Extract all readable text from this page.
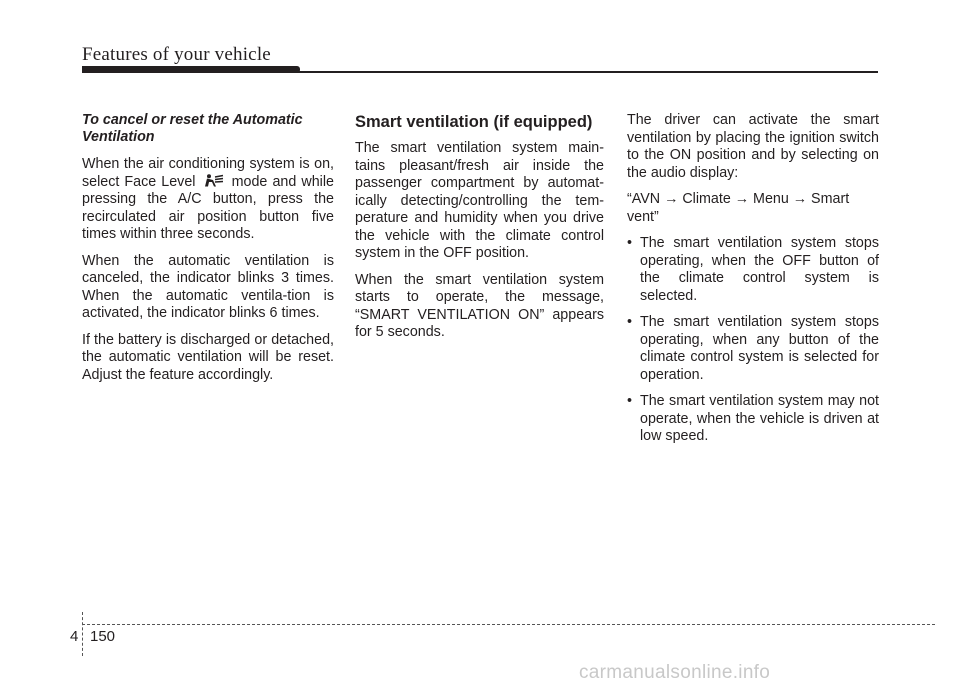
Features of your vehicle
To cancel or reset the Automatic Ventilation

When the air conditioning system is on, select Face Level	mode and while pressing the A/C button, press the recirculated air position button five times within three seconds.

When the automatic ventilation is canceled, the indicator blinks 3 times. When the automatic ventila-tion is activated, the indicator blinks 6 times.

If the battery is discharged or detached, the automatic ventilation will be reset. Adjust the feature accordingly.

Smart ventilation (if equipped)

The smart ventilation system main-tains pleasant/fresh air inside the passenger compartment by automat-ically detecting/controlling the tem-perature and humidity when you drive the vehicle with the climate control system in the OFF position.

When the smart ventilation system starts to operate, the message, “SMART VENTILATION ON” appears for 5 seconds.

The driver can activate the smart ventilation by placing the ignition switch to the ON position and by selecting on the audio display:

“AVN → Climate → Menu → Smart vent”

• The smart ventilation system stops operating, when the OFF button of the climate control system is selected.
• The smart ventilation system stops operating, when any button of the climate control system is selected for operation.
• The smart ventilation system may not operate, when the vehicle is driven at low speed.
4 150
carmanualsonline.info
